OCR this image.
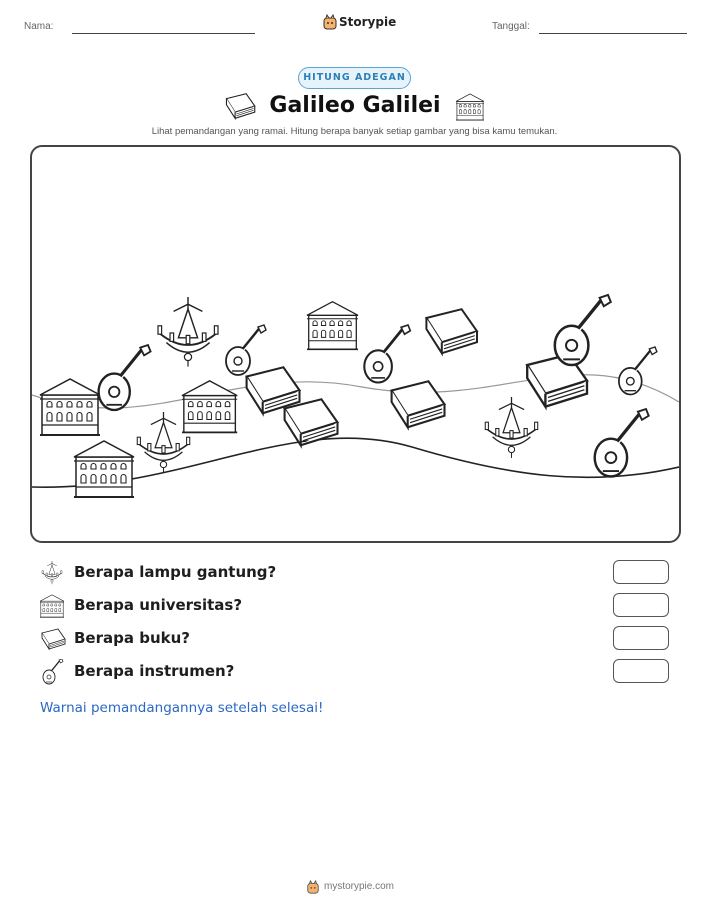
Nama:	Storypie	Tanggal:
HITUNG ADEGAN
Galileo Galilei
Lihat pemandangan yang ramai. Hitung berapa banyak setiap gambar yang bisa kamu temukan.
Berapa lampu gantung?
Berapa universitas?
Berapa buku?
Berapa instrumen?
Warnai pemandangannya setelah selesai!
mystorypie.com
